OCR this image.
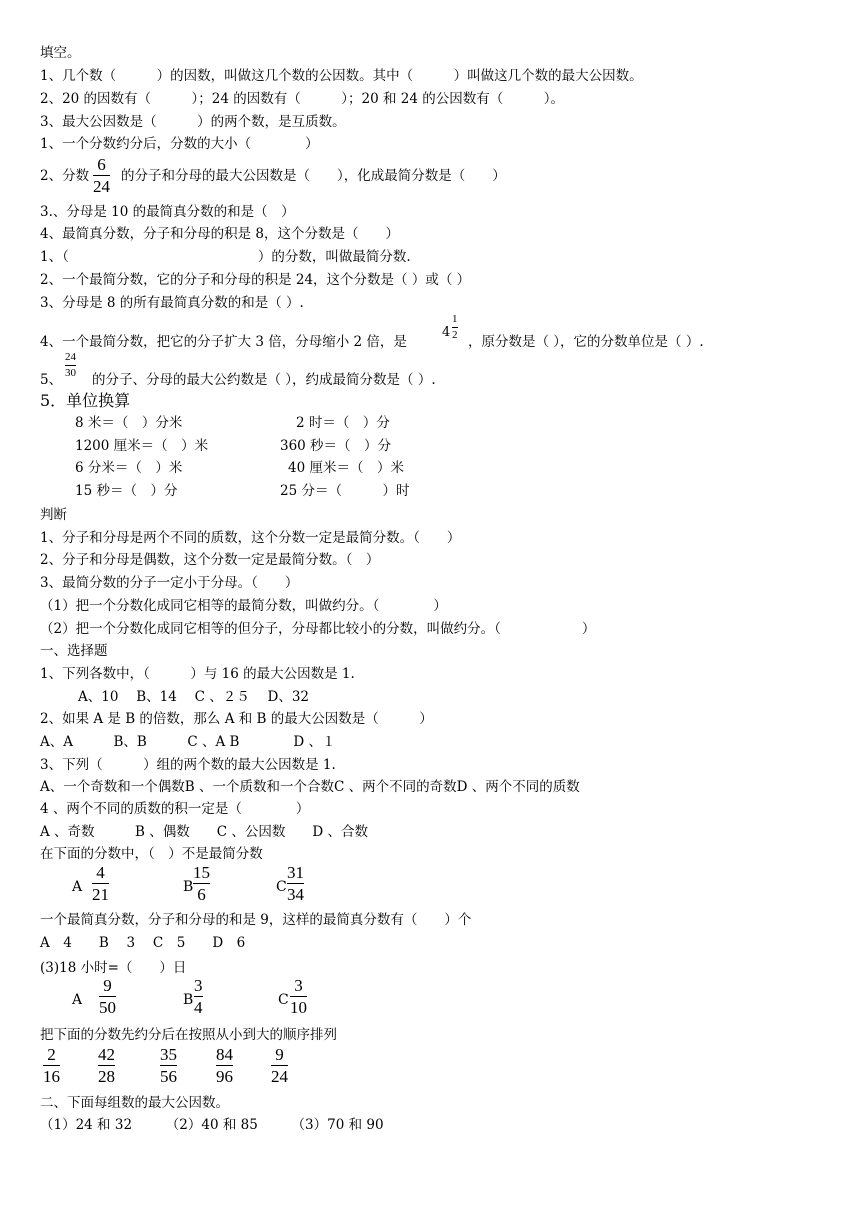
填空。
1、几个数（　　　）的因数，叫做这几个数的公因数。其中（　　　）叫做这几个数的最大公因数。
2、20 的因数有（　　　）；24 的因数有（　　　）；20 和 24 的公因数有（　　　）。
3、最大公因数是（　　　）的两个数，是互质数。
1、一个分数约分后，分数的大小（　　　　）
2、分数
6
24
的分子和分母的最大公因数是（　　），化成最简分数是（　　）
3.、分母是 10 的最简真分数的和是（　）
4、最简真分数，分子和分母的积是 8，这个分数是（　　）
1、（　　　　　　　　　　　　　　）的分数，叫做最简分数.
2、一个最简分数，它的分子和分母的积是 24，这个分数是（ ）或（ ）
3、分母是 8 的所有最简真分数的和是（ ）.
4、一个最简分数，把它的分子扩大 3 倍，分母缩小 2 倍，是
4
1
2 ，原分数是（ ），它的分数单位是（ ）.
5、
24
30 的分子、分母的最大公约数是（ ），约成最简分数是（ ）.
5．单位换算
8 米＝（　）分米	2 时＝（　）分
1200 厘米＝（　）米	360 秒＝（　）分
6 分米＝（　）米	40 厘米＝（　）米
15 秒＝（　）分	25 分＝（　　　）时
判断
1、分子和分母是两个不同的质数，这个分数一定是最简分数。（　　）
2、分子和分母是偶数，这个分数一定是最简分数。（　）
3、最简分数的分子一定小于分母。（　　）
（1）把一个分数化成同它相等的最简分数，叫做约分。（　　　　）
（2）把一个分数化成同它相等的但分子，分母都比较小的分数，叫做约分。（　　　　　　）
一、选择题
1、下列各数中，（　　　）与 16 的最大公因数是 1.
A、10　 B、14　 C 、２５　 D、32
2、如果 A 是 B 的倍数，那么 A 和 B 的最大公因数是（　　　）
A、A　　　B、B　　　C 、A B　　　　D 、１
3、下列（　　　）组的两个数的最大公因数是 1.
A、一个奇数和一个偶数B 、一个质数和一个合数C 、两个不同的奇数D 、两个不同的质数
4 、两个不同的质数的积一定是（　　　　）
A 、奇数　　　B 、偶数　　C 、公因数　　D 、合数
在下面的分数中，（　）不是最简分数
A
4
21	B
15
6	C
31
34
一个最简真分数，分子和分母的和是 9，这样的最简真分数有（　　）个
A　4　　B　 3　 C　5　　D　6
(3)18 小时=（　　）日
A
9
50	B
3
4	C
3
10
把下面的分数先约分后在按照从小到大的顺序排列
2
16
42
28
35
56
84
96
9
24
二、下面每组数的最大公因数。
（1）24 和 32　　　（2）40 和 85　　　（3）70 和 90
